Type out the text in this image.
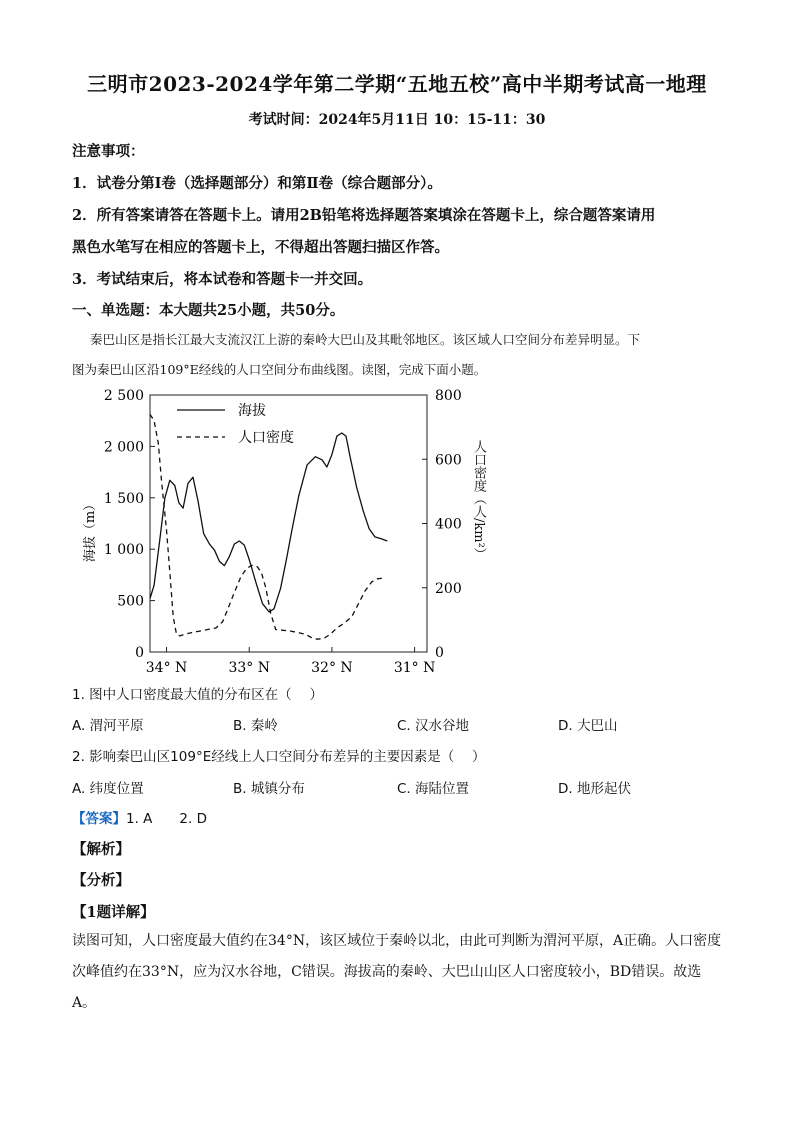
三明市2023-2024学年第二学期“五地五校”高中半期考试高一地理
考试时间：2024年5月11日 10：15-11：30
注意事项：
1．试卷分第Ⅰ卷（选择题部分）和第Ⅱ卷（综合题部分）。
2．所有答案请答在答题卡上。请用2B铅笔将选择题答案填涂在答题卡上，综合题答案请用
黑色水笔写在相应的答题卡上，不得超出答题扫描区作答。
3．考试结束后，将本试卷和答题卡一并交回。
一、单选题：本大题共25小题，共50分。
秦巴山区是指长江最大支流汉江上游的秦岭大巴山及其毗邻地区。该区域人口空间分布差异明显。下
图为秦巴山区沿109°E经线的人口空间分布曲线图。读图，完成下面小题。
2 500
2 000
1 500
1 000
500
0
800
600
400
200
0
34° N	33° N	32° N	31° N
海拔
人口密度
海拔（m）	人口密度（人/km²）
1. 图中人口密度最大值的分布区在（　 ）
A. 渭河平原	B. 秦岭	C. 汉水谷地	D. 大巴山
2. 影响秦巴山区109°E经线上人口空间分布差异的主要因素是（　 ）
A. 纬度位置	B. 城镇分布	C. 海陆位置	D. 地形起伏
【答案】1. A　　2. D
【解析】
【分析】
【1题详解】
读图可知，人口密度最大值约在34°N，该区域位于秦岭以北，由此可判断为渭河平原，A正确。人口密度
次峰值约在33°N，应为汉水谷地，C错误。海拔高的秦岭、大巴山山区人口密度较小，BD错误。故选
A。
